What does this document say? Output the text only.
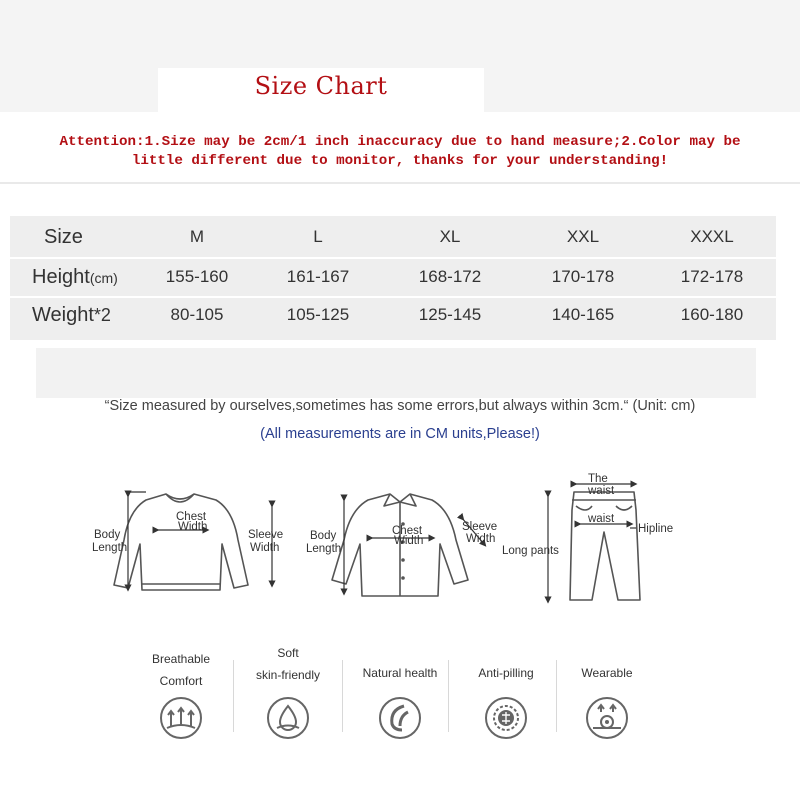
Size Chart
Attention:1.Size may be 2cm/1 inch inaccuracy due to hand measure;2.Color may be
little different due to monitor, thanks for your understanding!
Size	M	L	XL	XXL	XXXL
Height(cm)	155-160	161-167	168-172	170-178	172-178
Weight*2	80-105	105-125	125-145	140-165	160-180
“Size measured by ourselves,sometimes has some errors,but always within 3cm.“ (Unit: cm)
(All measurements are in CM units,Please!)
Body
Length
Chest
Width
Sleeve
Width
Body
Length
Chest
Width
Sleeve
Width
The
waist
waist
Hipline
Long pants
Breathable
Comfort
Soft
skin-friendly	Natural health	Anti-pilling	Wearable
